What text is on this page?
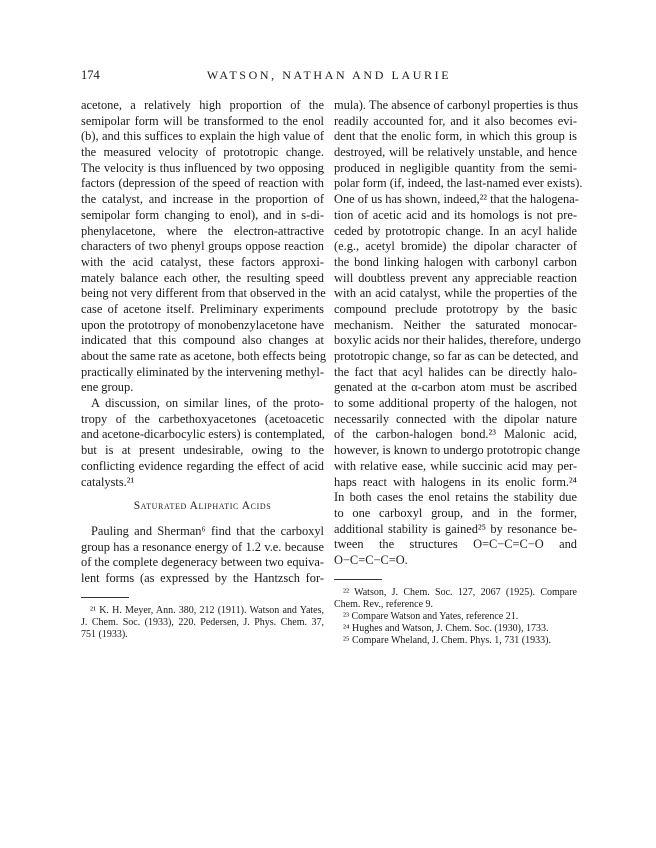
174	WATSON, NATHAN AND LAURIE
acetone, a relatively high proportion of the
semipolar form will be transformed to the enol
(b), and this suffices to explain the high value of
the measured velocity of prototropic change.
The velocity is thus influenced by two opposing
factors (depression of the speed of reaction with
the catalyst, and increase in the proportion of
semipolar form changing to enol), and in s-di-
phenylacetone, where the electron-attractive
characters of two phenyl groups oppose reaction
with the acid catalyst, these factors approxi-
mately balance each other, the resulting speed
being not very different from that observed in the
case of acetone itself. Preliminary experiments
upon the prototropy of monobenzylacetone have
indicated that this compound also changes at
about the same rate as acetone, both effects being
practically eliminated by the intervening methyl-
ene group.
A discussion, on similar lines, of the proto-
tropy of the carbethoxyacetones (acetoacetic
and acetone-dicarbocylic esters) is contemplated,
but is at present undesirable, owing to the
conflicting evidence regarding the effect of acid
catalysts.²¹
Saturated Aliphatic Acids
Pauling and Sherman⁶ find that the carboxyl
group has a resonance energy of 1.2 v.e. because
of the complete degeneracy between two equiva-
lent forms (as expressed by the Hantzsch for-
²¹ K. H. Meyer, Ann. 380, 212 (1911). Watson and Yates,
J. Chem. Soc. (1933), 220. Pedersen, J. Phys. Chem. 37,
751 (1933).
mula). The absence of carbonyl properties is thus
readily accounted for, and it also becomes evi-
dent that the enolic form, in which this group is
destroyed, will be relatively unstable, and hence
produced in negligible quantity from the semi-
polar form (if, indeed, the last-named ever exists).
One of us has shown, indeed,²² that the halogena-
tion of acetic acid and its homologs is not pre-
ceded by prototropic change. In an acyl halide
(e.g., acetyl bromide) the dipolar character of
the bond linking halogen with carbonyl carbon
will doubtless prevent any appreciable reaction
with an acid catalyst, while the properties of the
compound preclude prototropy by the basic
mechanism. Neither the saturated monocar-
boxylic acids nor their halides, therefore, undergo
prototropic change, so far as can be detected, and
the fact that acyl halides can be directly halo-
genated at the α-carbon atom must be ascribed
to some additional property of the halogen, not
necessarily connected with the dipolar nature
of the carbon-halogen bond.²³ Malonic acid,
however, is known to undergo prototropic change
with relative ease, while succinic acid may per-
haps react with halogens in its enolic form.²⁴
In both cases the enol retains the stability due
to one carboxyl group, and in the former,
additional stability is gained²⁵ by resonance be-
tween the structures O=C−C=C−O and
O−C=C−C=O.
²² Watson, J. Chem. Soc. 127, 2067 (1925). Compare
Chem. Rev., reference 9.
²³ Compare Watson and Yates, reference 21.
²⁴ Hughes and Watson, J. Chem. Soc. (1930), 1733.
²⁵ Compare Wheland, J. Chem. Phys. 1, 731 (1933).
